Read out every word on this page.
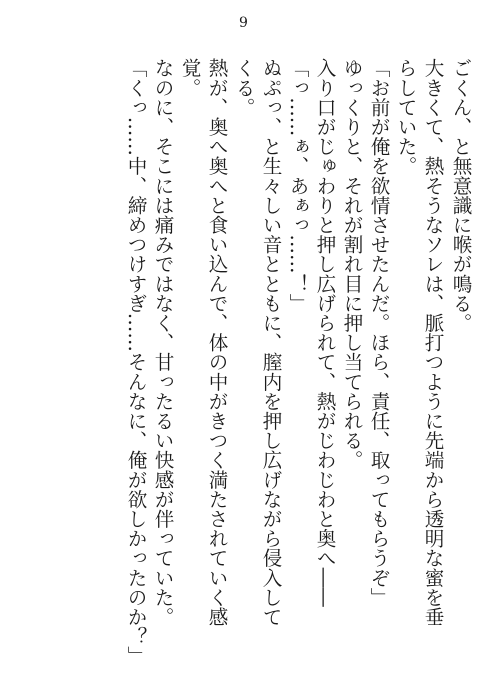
9
ごくん、と無意識に喉が鳴る。
大きくて、熱そうなソレは、脈打つように先端から透明な蜜を垂
らしていた。
「お前が俺を欲情させたんだ。ほら、責任、取ってもらうぞ」
ゆっくりと、それが割れ目に押し当てられる。
入り口がじゅわりと押し広げられて、熱がじわじわと奥へ――
「っ……ぁ、あぁっ……！」
ぬぷっ、と生々しい音とともに、膣内を押し広げながら侵入して
くる。
熱が、奥へ奥へと食い込んで、体の中がきつく満たされていく感
覚。
なのに、そこには痛みではなく、甘ったるい快感が伴っていた。
「くっ……中、締めつけすぎ……そんなに、俺が欲しかったのか？」
